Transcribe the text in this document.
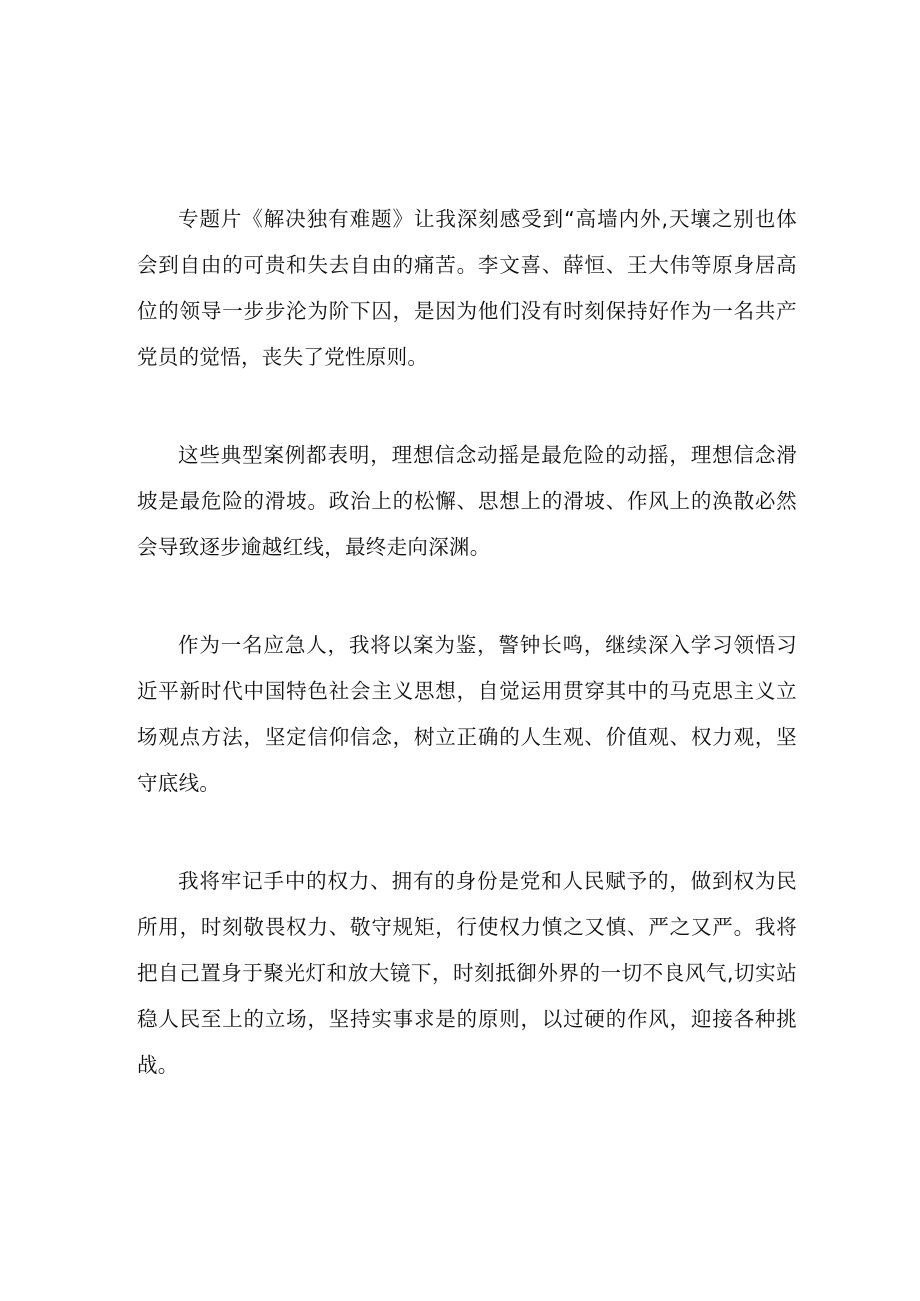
专题片《解决独有难题》让我深刻感受到“高墙内外,天壤之别也体会到自由的可贵和失去自由的痛苦。李文喜、薛恒、王大伟等原身居高位的领导一步步沦为阶下囚，是因为他们没有时刻保持好作为一名共产党员的觉悟，丧失了党性原则。

这些典型案例都表明，理想信念动摇是最危险的动摇，理想信念滑坡是最危险的滑坡。政治上的松懈、思想上的滑坡、作风上的涣散必然会导致逐步逾越红线，最终走向深渊。

作为一名应急人，我将以案为鉴，警钟长鸣，继续深入学习领悟习近平新时代中国特色社会主义思想，自觉运用贯穿其中的马克思主义立场观点方法，坚定信仰信念，树立正确的人生观、价值观、权力观，坚守底线。

我将牢记手中的权力、拥有的身份是党和人民赋予的，做到权为民所用，时刻敬畏权力、敬守规矩，行使权力慎之又慎、严之又严。我将把自己置身于聚光灯和放大镜下，时刻抵御外界的一切不良风气,切实站稳人民至上的立场，坚持实事求是的原则，以过硬的作风，迎接各种挑战。
